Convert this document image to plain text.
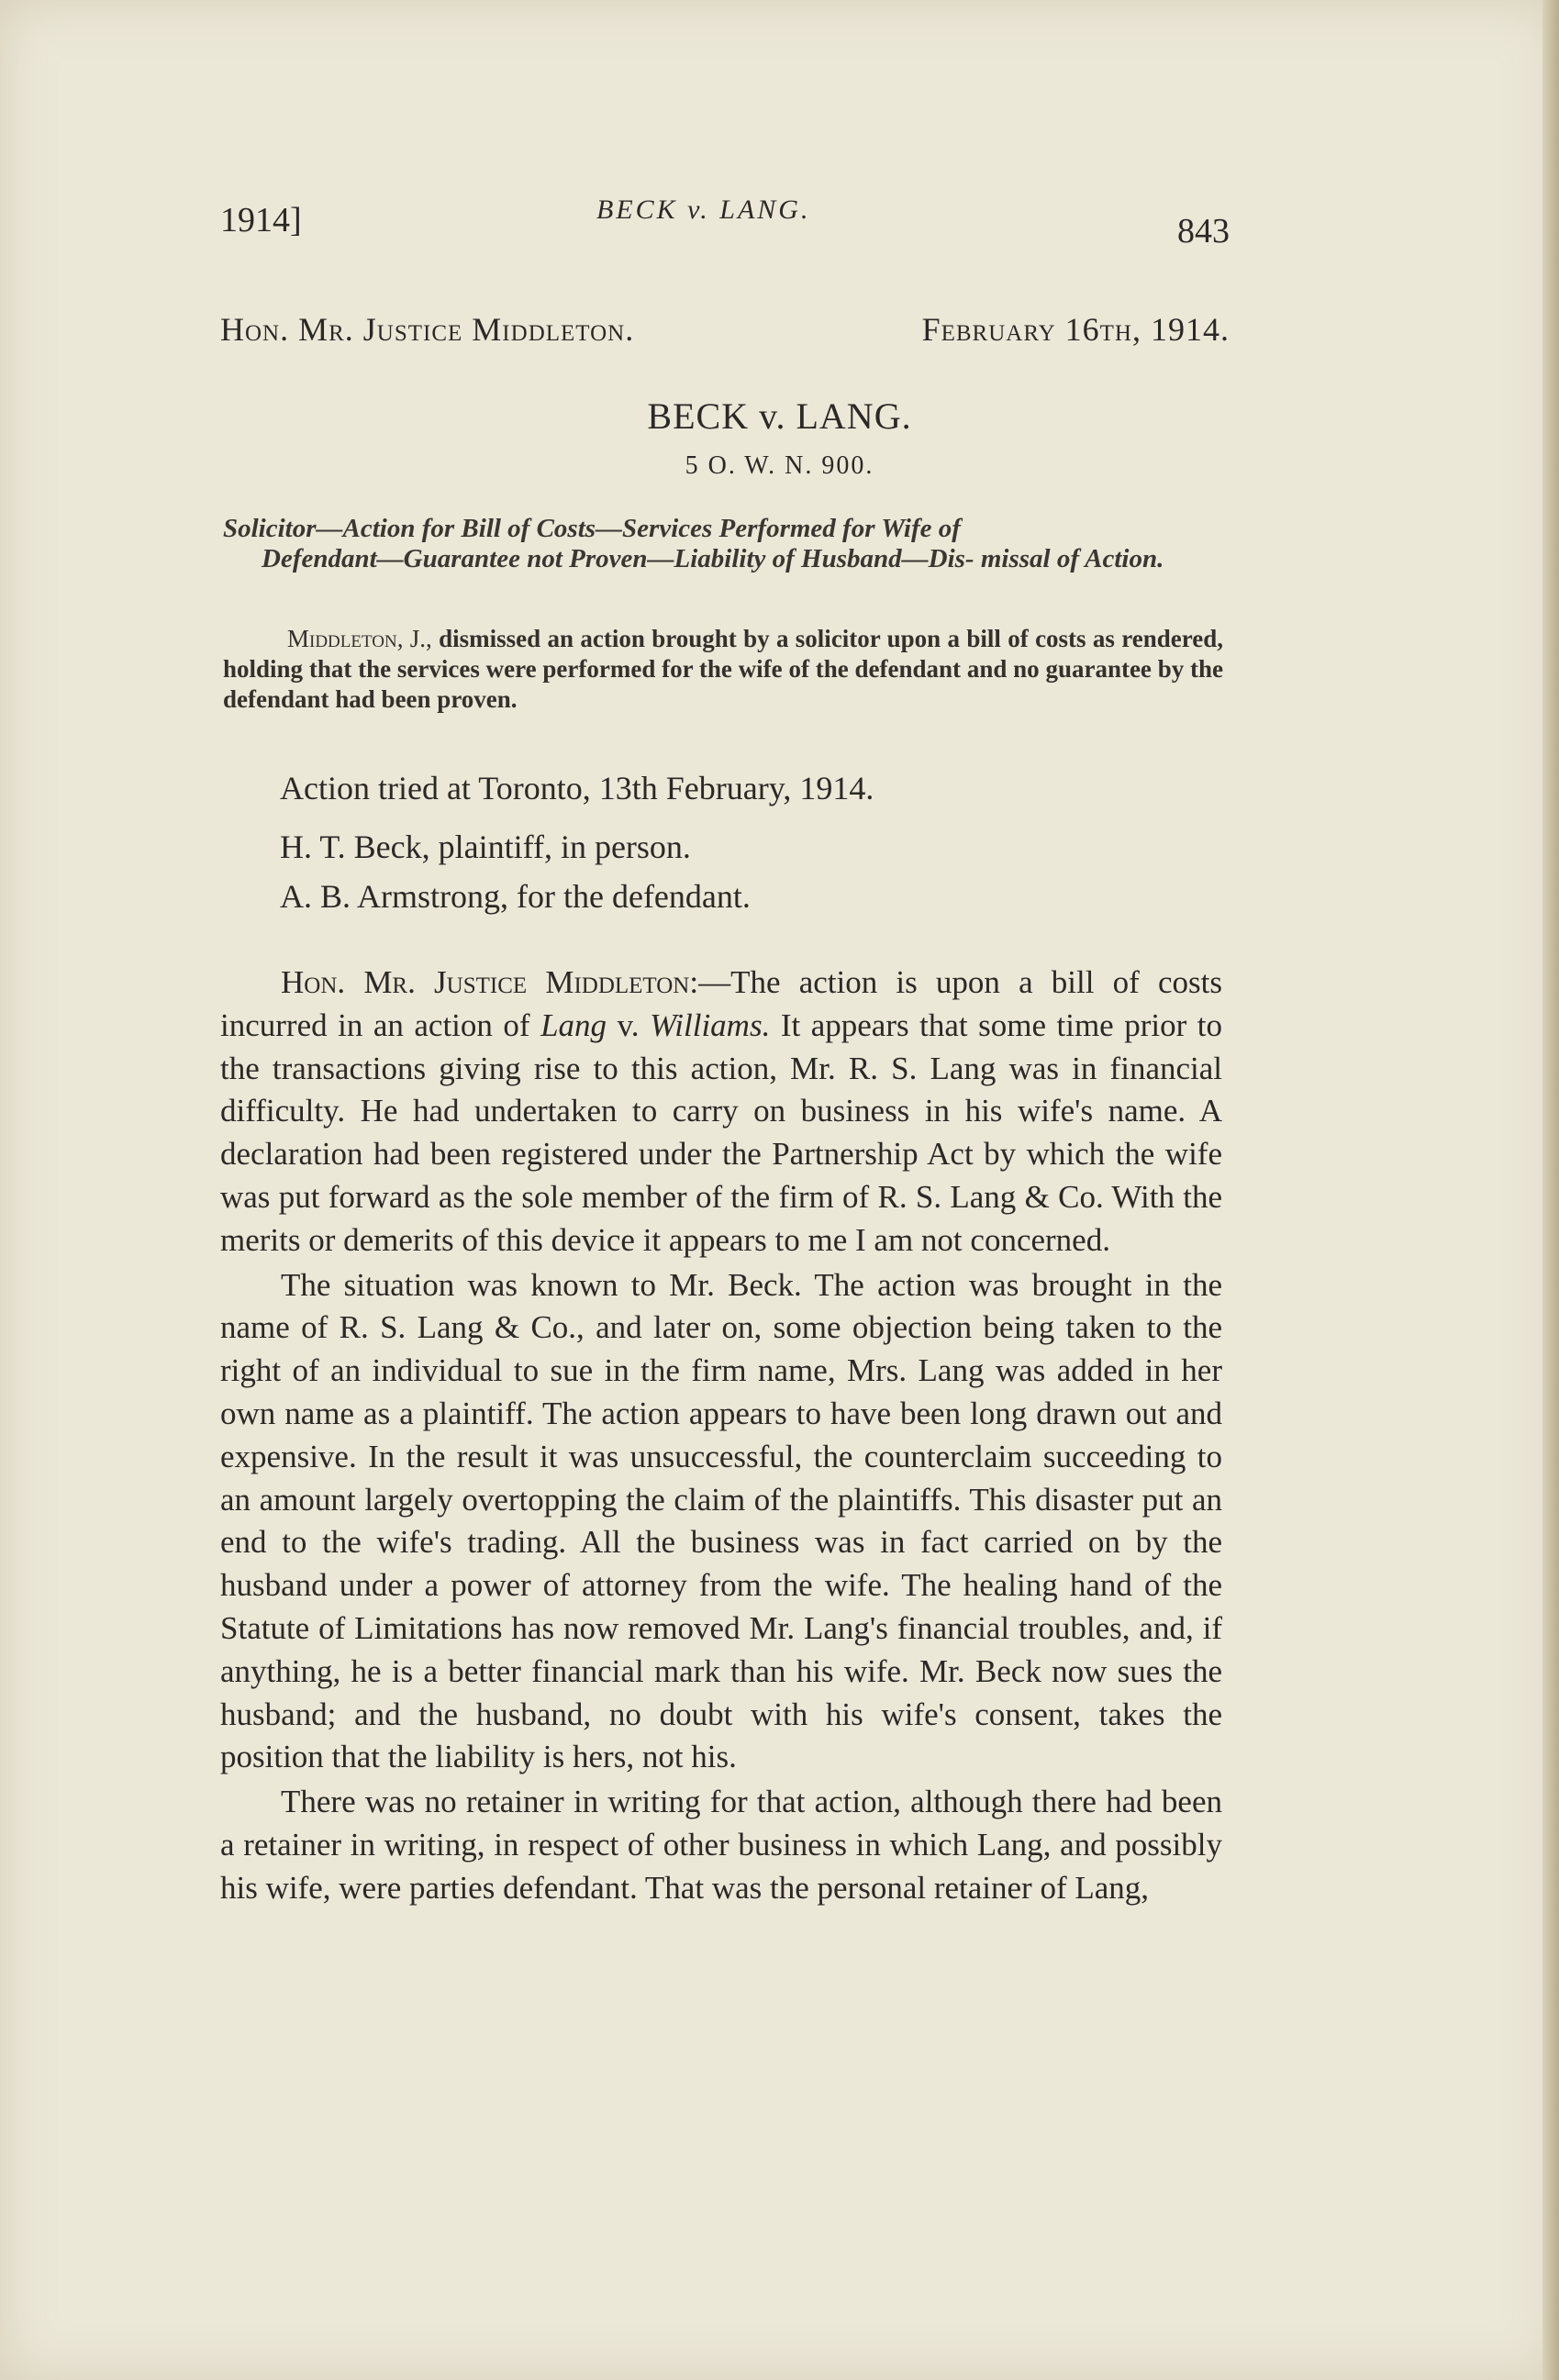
1914]	BECK v. LANG.
843
Hon. Mr. Justice Middleton.	February 16th, 1914.
BECK v. LANG.
5 O. W. N. 900.
Solicitor—Action for Bill of Costs—Services Performed for Wife of
Defendant—Guarantee not Proven—Liability of Husband—Dis- missal of Action.
Middleton, J., dismissed an action brought by a solicitor upon a bill of costs as rendered, holding that the services were performed for the wife of the defendant and no guarantee by the defendant had been proven.
Action tried at Toronto, 13th February, 1914.
H. T. Beck, plaintiff, in person.
A. B. Armstrong, for the defendant.

Hon. Mr. Justice Middleton:—The action is upon a bill of costs incurred in an action of Lang v. Williams. It appears that some time prior to the transactions giving rise to this action, Mr. R. S. Lang was in financial difficulty. He had undertaken to carry on business in his wife's name. A declaration had been registered under the Partnership Act by which the wife was put forward as the sole member of the firm of R. S. Lang & Co. With the merits or demerits of this device it appears to me I am not concerned.

The situation was known to Mr. Beck. The action was brought in the name of R. S. Lang & Co., and later on, some objection being taken to the right of an individual to sue in the firm name, Mrs. Lang was added in her own name as a plaintiff. The action appears to have been long drawn out and expensive. In the result it was unsuccessful, the counterclaim succeeding to an amount largely overtopping the claim of the plaintiffs. This disaster put an end to the wife's trading. All the business was in fact carried on by the husband under a power of attorney from the wife. The healing hand of the Statute of Limitations has now removed Mr. Lang's financial troubles, and, if anything, he is a better financial mark than his wife. Mr. Beck now sues the husband; and the husband, no doubt with his wife's consent, takes the position that the liability is hers, not his.

There was no retainer in writing for that action, although there had been a retainer in writing, in respect of other business in which Lang, and possibly his wife, were parties defendant. That was the personal retainer of Lang,
